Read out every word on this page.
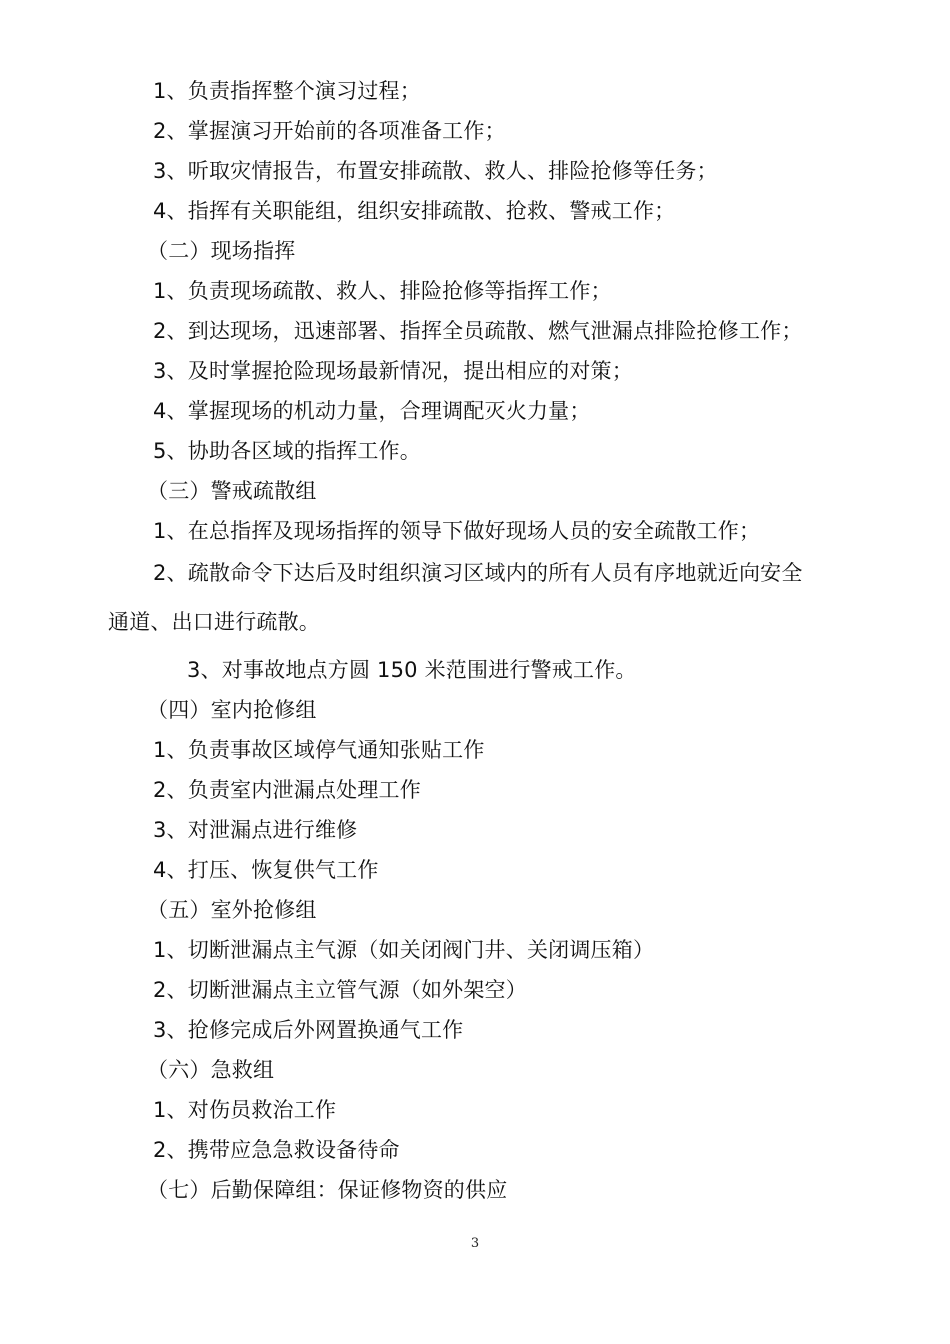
1、负责指挥整个演习过程；
2、掌握演习开始前的各项准备工作；
3、听取灾情报告，布置安排疏散、救人、排险抢修等任务；
4、指挥有关职能组，组织安排疏散、抢救、警戒工作；
（二）现场指挥
1、负责现场疏散、救人、排险抢修等指挥工作；
2、到达现场，迅速部署、指挥全员疏散、燃气泄漏点排险抢修工作；
3、及时掌握抢险现场最新情况，提出相应的对策；
4、掌握现场的机动力量，合理调配灭火力量；
5、协助各区域的指挥工作。
（三）警戒疏散组
1、在总指挥及现场指挥的领导下做好现场人员的安全疏散工作；
2、疏散命令下达后及时组织演习区域内的所有人员有序地就近向安全
通道、出口进行疏散。
3、对事故地点方圆 150 米范围进行警戒工作。
（四）室内抢修组
1、负责事故区域停气通知张贴工作
2、负责室内泄漏点处理工作
3、对泄漏点进行维修
4、打压、恢复供气工作
（五）室外抢修组
1、切断泄漏点主气源（如关闭阀门井、关闭调压箱）
2、切断泄漏点主立管气源（如外架空）
3、抢修完成后外网置换通气工作
（六）急救组
1、对伤员救治工作
2、携带应急急救设备待命
（七）后勤保障组：保证修物资的供应
3
